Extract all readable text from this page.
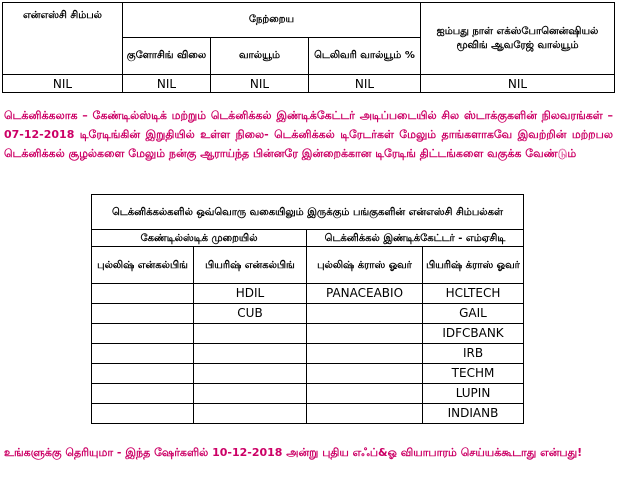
என்எஸ்சி சிம்பல்	நேற்றைய			ஐம்பது நாள் எக்ஸ்போனென்ஷியல் மூவிங் ஆவரேஜ் வால்யூம்
	குளோசிங் விலை	வால்யூம்	டெலிவரி வால்யூம் %	
NIL	NIL	NIL	NIL	NIL
டெக்னிக்கலாக – கேண்டில்ஸ்டிக் மற்றும் டெக்னிக்கல் இண்டிக்கேட்டர் அடிப்படையில் சில ஸ்டாக்குகளின் நிலவரங்கள் – 07-12-2018 டிரேடிங்கின் இறுதியில் உள்ள நிலை- டெக்னிக்கல் டிரேடர்கள் மேலும் தாங்களாகவே இவற்றின் மற்றபல டெக்னிக்கல் சூழல்களை மேலும் நன்கு ஆராய்ந்த பின்னரே இன்றைக்கான டிரேடிங் திட்டங்களை வகுக்க வேண்டும்
டெக்னிக்கல்களில் ஒவ்வொரு வகையிலும் இருக்கும் பங்குகளின் என்எஸ்சி சிம்பல்கள்			
கேண்டில்ஸ்டிக் முறையில்		டெக்னிக்கல் இண்டிக்கேட்டர் - எம்ஏசிடி	
புல்லிஷ் என்கல்பிங்	பியரிஷ் என்கல்பிங்	புல்லிஷ் க்ராஸ் ஓவர்	பியரிஷ் க்ராஸ் ஓவர்
	HDIL	PANACEABIO	HCLTECH
	CUB		GAIL
			IDFCBANK
			IRB
			TECHM
			LUPIN
			INDIANB
உங்களுக்கு தெரியுமா - இந்த ஷேர்களில் 10-12-2018 அன்று புதிய எஃப்&ஓ வியாபாரம் செய்யக்கூடாது என்பது!
